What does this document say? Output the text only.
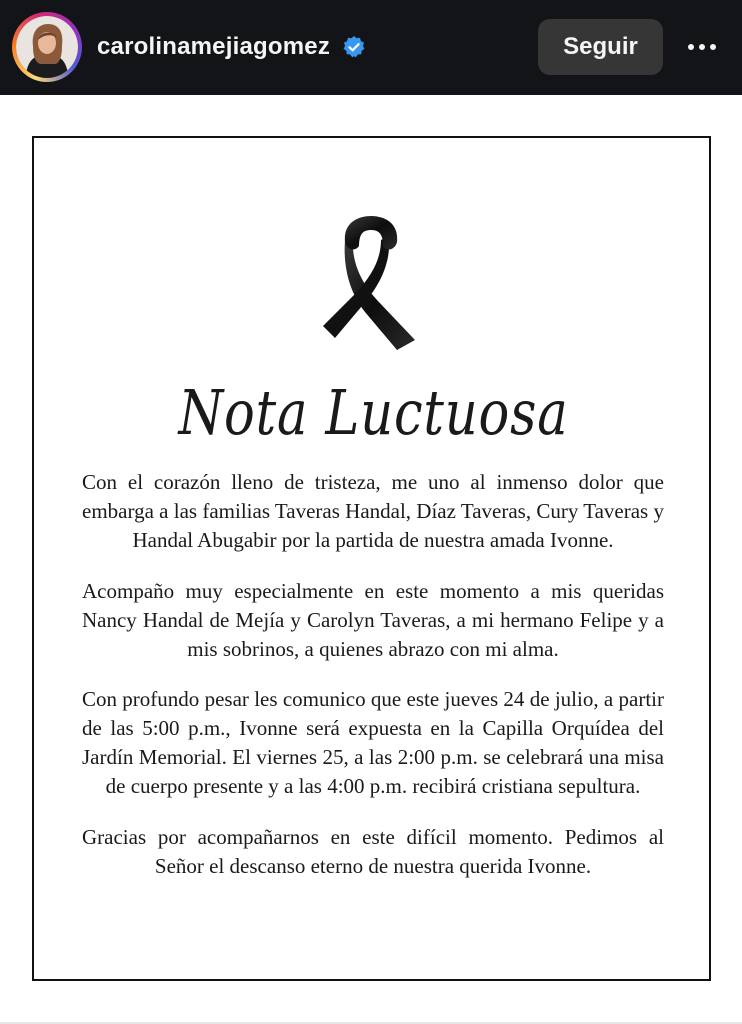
carolinamejiagomez	Seguir
Nota Luctuosa

Con el corazón lleno de tristeza, me uno al inmenso dolor que embarga a las familias Taveras Handal, Díaz Taveras, Cury Taveras y Handal Abugabir por la partida de nuestra amada Ivonne.

Acompaño muy especialmente en este momento a mis queridas Nancy Handal de Mejía y Carolyn Taveras, a mi hermano Felipe y a mis sobrinos, a quienes abrazo con mi alma.

Con profundo pesar les comunico que este jueves 24 de julio, a partir de las 5:00 p.m., Ivonne será expuesta en la Capilla Orquídea del Jardín Memorial. El viernes 25, a las 2:00 p.m. se celebrará una misa de cuerpo presente y a las 4:00 p.m. recibirá cristiana sepultura.

Gracias por acompañarnos en este difícil momento. Pedimos al Señor el descanso eterno de nuestra querida Ivonne.
